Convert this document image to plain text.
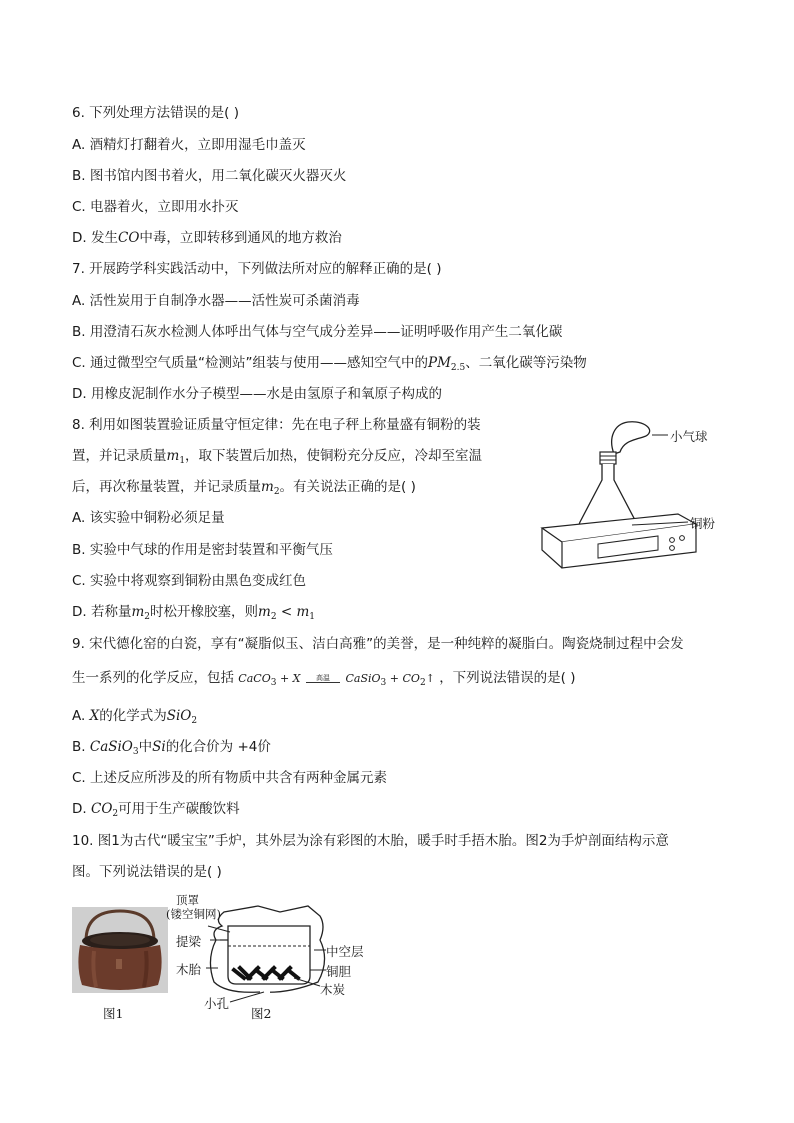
6. 下列处理方法错误的是( )
A. 酒精灯打翻着火，立即用湿毛巾盖灭
B. 图书馆内图书着火，用二氧化碳灭火器灭火
C. 电器着火，立即用水扑灭
D. 发生CO中毒，立即转移到通风的地方救治
7. 开展跨学科实践活动中，下列做法所对应的解释正确的是( )
A. 活性炭用于自制净水器——活性炭可杀菌消毒
B. 用澄清石灰水检测人体呼出气体与空气成分差异——证明呼吸作用产生二氧化碳
C. 通过微型空气质量“检测站”组装与使用——感知空气中的$PM_{2.5}$、二氧化碳等污染物
D. 用橡皮泥制作水分子模型——水是由氢原子和氧原子构成的
8. 利用如图装置验证质量守恒定律：先在电子秤上称量盛有铜粉的装
置，并记录质量$m_1$，取下装置后加热，使铜粉充分反应，冷却至室温
后，再次称量装置，并记录质量$m_2$。有关说法正确的是( )
A. 该实验中铜粉必须足量
B. 实验中气球的作用是密封装置和平衡气压
C. 实验中将观察到铜粉由黑色变成红色
D. 若称量$m_2$时松开橡胶塞，则$m_2 < m_1$
小气球
铜粉
9. 宋代德化窑的白瓷，享有“凝脂似玉、洁白高雅”的美誉，是一种纯粹的凝脂白。陶瓷烧制过程中会发
生一系列的化学反应，包括 CaCO$_3$ + X	高温	CaSiO$_3$ + $CO_2↑$ ，下列说法错误的是( )
A. X的化学式为SiO$_2$
B. CaSiO$_3$中Si的化合价为 +4价
C. 上述反应所涉及的所有物质中共含有两种金属元素
D. $CO_2$可用于生产碳酸饮料
10. 图1为古代“暖宝宝”手炉，其外层为涂有彩图的木胎，暖手时手捂木胎。图2为手炉剖面结构示意
图。下列说法错误的是( )
图1
顶罩
(镂空铜网)
提梁
木胎
小孔
中空层
铜胆
木炭
图2
